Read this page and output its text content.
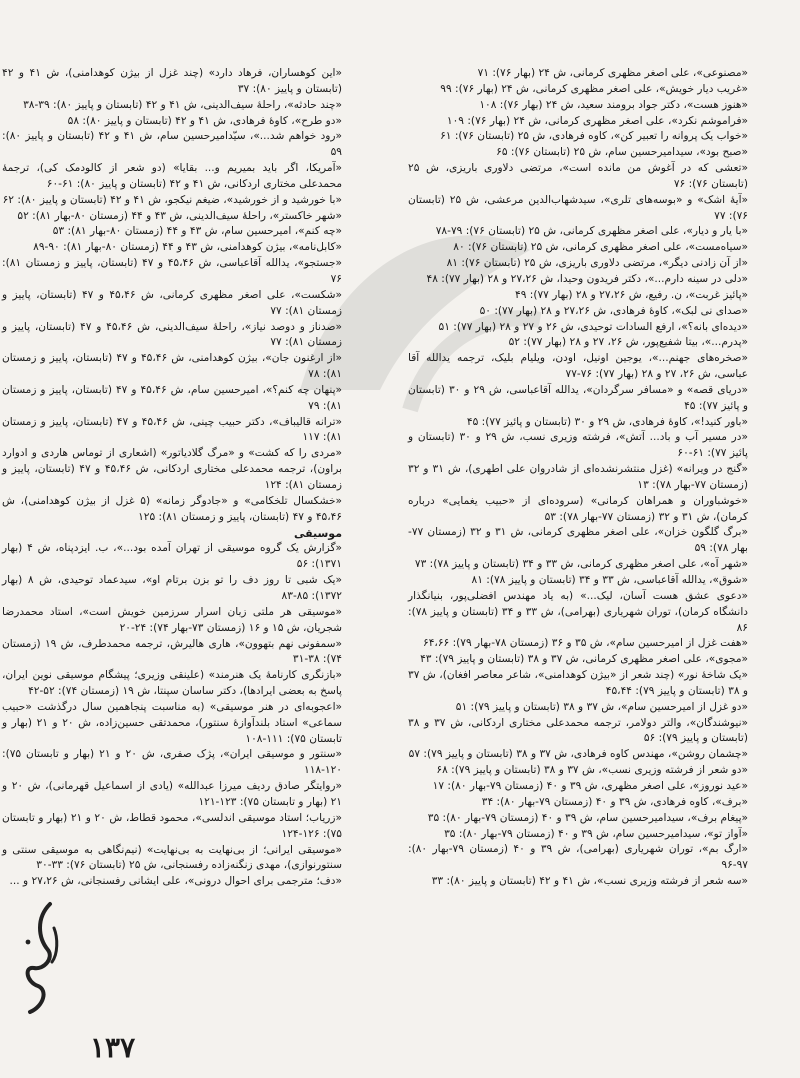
«مصنوعی»، علی اصغر مظهری کرمانی، ش ۲۴ (بهار ۷۶): ۷۱

«غریب دیار خویش»، علی اصغر مظهری کرمانی، ش ۲۴ (بهار ۷۶): ۹۹

«هنوز هست»، دکتر جواد برومند سعید، ش ۲۴ (بهار ۷۶): ۱۰۸

«فراموشم نکرد»، علی اصغر مظهری کرمانی، ش ۲۴ (بهار ۷۶): ۱۰۹

«خواب یک پروانه را تعبیر کن»، کاوه فرهادی، ش ۲۵ (تابستان ۷۶): ۶۱

«صبح بود»، سیدامیرحسین سام، ش ۲۵ (تابستان ۷۶): ۶۵

«تعشی که در آغوش من مانده است»، مرتضی دلاوری باریزی، ش ۲۵ (تابستان ۷۶): ۷۶

«آیهٔ اشک» و «بوسه‌های تلری»، سیدشهاب‌الدین مرعشی، ش ۲۵ (تابستان ۷۶): ۷۷

«با یار و دیار»، علی اصغر مظهری کرمانی، ش ۲۵ (تابستان ۷۶): ۷۹-۷۸

«سیاه‌مست»، علی اصغر مظهری کرمانی، ش ۲۵ (تابستان ۷۶): ۸۰

«از آن زادنی دیگر»، مرتضی دلاوری باریزی، ش ۲۵ (تابستان ۷۶): ۸۱

«دلی در سینه دارم...»، دکتر فریدون وحیدا، ش ۲۷،۲۶ و ۲۸ (بهار ۷۷): ۴۸

«پائیز غربت»، ن. رفیع، ش ۲۷،۲۶ و ۲۸ (بهار ۷۷): ۴۹

«صدای نی لبک»، کاوهٔ فرهادی، ش ۲۷،۲۶ و ۲۸ (بهار ۷۷): ۵۰

«دیده‌ای بانه؟»، ارفع السادات توحیدی، ش ۲۶ و ۲۷ و ۲۸ (بهار ۷۷): ۵۱

«پدرم...»، بیتا شفیع‌پور، ش ۲۶، ۲۷ و ۲۸ (بهار ۷۷): ۵۲

«صخره‌های جهنم...»، یوجین اونیل، اودن، ویلیام بلیک، ترجمه یدالله آقا عباسی، ش ۲۶، ۲۷ و ۲۸ (بهار ۷۷): ۷۶-۷۷

«دریای قصه» و «مسافر سرگردان»، یدالله آقاعباسی، ش ۲۹ و ۳۰ (تابستان و پائیز ۷۷): ۴۵

«باور کنید!»، کاوهٔ فرهادی، ش ۲۹ و ۳۰ (تابستان و پائیز ۷۷): ۴۵

«در مسیر آب و باد... آتش»، فرشته وزیری نسب، ش ۲۹ و ۳۰ (تابستان و پائیز ۷۷): ۶۱-۶۰

«گنج در ویرانه» (غزل منتشرنشده‌ای از شادروان علی اطهری)، ش ۳۱ و ۳۲ (زمستان ۷۷-بهار ۷۸): ۱۳

«خوشباوران و همراهان کرمانی» (سروده‌ای از «حبیب یغمایی» درباره کرمان)، ش ۳۱ و ۳۲ (زمستان ۷۷-بهار ۷۸): ۵۳

«برگ گلگون خزان»، علی اصغر مظهری کرمانی، ش ۳۱ و ۳۲ (زمستان ۷۷-بهار ۷۸): ۵۹

«شهر آه»، علی اصغر مظهری کرمانی، ش ۳۳ و ۳۴ (تابستان و پاییز ۷۸): ۷۳

«شوق»، یدالله آقاعباسی، ش ۳۳ و ۳۴ (تابستان و پاییز ۷۸): ۸۱

«دعوی عشق هست آسان، لیک...» (به یاد مهندس افضلی‌پور، بنیانگذار دانشگاه کرمان)، توران شهریاری (بهرامی)، ش ۳۳ و ۳۴ (تابستان و پاییز ۷۸): ۸۶

«هفت غزل از امیرحسین سام»، ش ۳۵ و ۳۶ (زمستان ۷۸-بهار ۷۹): ۶۴،۶۶

«مجوی»، علی اصغر مظهری کرمانی، ش ۳۷ و ۳۸ (تابستان و پاییز ۷۹): ۴۳

«یک شاخهٔ نور» (چند شعر از «بیژن کوهدامنی»، شاعر معاصر افغان)، ش ۳۷ و ۳۸ (تابستان و پاییز ۷۹): ۴۵،۴۴

«دو غزل از امیرحسین سام»، ش ۳۷ و ۳۸ (تابستان و پاییز ۷۹): ۵۱

«نیوشندگان»، والتر دولامر، ترجمه محمدعلی مختاری اردکانی، ش ۳۷ و ۳۸ (تابستان و پاییز ۷۹): ۵۶

«چشمان روشن»، مهندس کاوه فرهادی، ش ۳۷ و ۳۸ (تابستان و پاییز ۷۹): ۵۷

«دو شعر از فرشته وزیری نسب»، ش ۳۷ و ۳۸ (تابستان و پاییز ۷۹): ۶۸

«عید نوروز»، علی اصغر مظهری، ش ۳۹ و ۴۰ (زمستان ۷۹-بهار ۸۰): ۱۷

«برف»، کاوه فرهادی، ش ۳۹ و ۴۰ (زمستان ۷۹-بهار ۸۰): ۳۴

«پیغام برف»، سیدامیرحسین سام، ش ۳۹ و ۴۰ (زمستان ۷۹-بهار ۸۰): ۳۵

«آواز تو»، سیدامیرحسین سام، ش ۳۹ و ۴۰ (زمستان ۷۹-بهار ۸۰): ۳۵

«ارگ بم»، توران شهریاری (بهرامی)، ش ۳۹ و ۴۰ (زمستان ۷۹-بهار ۸۰): ۹۷-۹۶

«سه شعر از فرشته وزیری نسب»، ش ۴۱ و ۴۲ (تابستان و پاییز ۸۰): ۳۳

«این کوهساران، فرهاد دارد» (چند غزل از بیژن کوهدامنی)، ش ۴۱ و ۴۲ (تابستان و پاییز ۸۰): ۳۷

«چند حادثه»، راحلهٔ سیف‌الدینی، ش ۴۱ و ۴۲ (تابستان و پاییز ۸۰): ۳۹-۳۸

«دو طرح»، کاوهٔ فرهادی، ش ۴۱ و ۴۲ (تابستان و پاییز ۸۰): ۵۸

«رود خواهم شد...»، سیّدامیرحسین سام، ش ۴۱ و ۴۲ (تابستان و پاییز ۸۰): ۵۹

«آمریکا، اگر باید بمیریم و... بقایا» (دو شعر از کالودمک کی)، ترجمهٔ محمدعلی مختاری اردکانی، ش ۴۱ و ۴۲ (تابستان و پاییز ۸۰): ۶۱-۶۰

«با خورشید و از خورشید»، ضیغم نیکجو، ش ۴۱ و ۴۲ (تابستان و پاییز ۸۰): ۶۲

«شهر خاکستر»، راحلهٔ سیف‌الدینی، ش ۴۳ و ۴۴ (زمستان ۸۰-بهار ۸۱): ۵۲

«چه کنم»، امیرحسین سام، ش ۴۳ و ۴۴ (زمستان ۸۰-بهار ۸۱): ۵۳

«کابل‌نامه»، بیژن کوهدامنی، ش ۴۳ و ۴۴ (زمستان ۸۰-بهار ۸۱): ۹۰-۸۹

«جستجو»، یدالله آقاعباسی، ش ۴۵،۴۶ و ۴۷ (تابستان، پاییز و زمستان ۸۱): ۷۶

«شکست»، علی اصغر مظهری کرمانی، ش ۴۵،۴۶ و ۴۷ (تابستان، پاییز و زمستان ۸۱): ۷۷

«صدناز و دوصد نیاز»، راحلهٔ سیف‌الدینی، ش ۴۵،۴۶ و ۴۷ (تابستان، پاییز و زمستان ۸۱): ۷۷

«از ارغنون جان»، بیژن کوهدامنی، ش ۴۵،۴۶ و ۴۷ (تابستان، پاییز و زمستان ۸۱): ۷۸

«پنهان چه کنم؟»، امیرحسین سام، ش ۴۵،۴۶ و ۴۷ (تابستان، پاییز و زمستان ۸۱): ۷۹

«ترانه قالیباف»، دکتر حبیب چینی، ش ۴۵،۴۶ و ۴۷ (تابستان، پاییز و زمستان ۸۱): ۱۱۷

«مردی را که کشت» و «مرگ گلادیاتور» (اشعاری از توماس هاردی و ادوارد براون)، ترجمه محمدعلی مختاری اردکانی، ش ۴۵،۴۶ و ۴۷ (تابستان، پاییز و زمستان ۸۱): ۱۲۴

«خشکسال تلخکامی» و «جادوگر زمانه» (۵ غزل از بیژن کوهدامنی)، ش ۴۵،۴۶ و ۴۷ (تابستان، پاییز و زمستان ۸۱): ۱۲۵

موسیقی

«گزارش یک گروه موسیقی از تهران آمده بود...»، ب. ایزدپناه، ش ۴ (بهار ۱۳۷۱): ۵۶

«یک شبی تا روز دف را تو بزن برتام او»، سیدعماد توحیدی، ش ۸ (بهار ۱۳۷۲): ۸۵-۸۳

«موسیقی هر ملتی زبان اسرار سرزمین خویش است»، استاد محمدرضا شجریان، ش ۱۵ و ۱۶ (زمستان ۷۳-بهار ۷۴): ۲۴-۲۰

«سمفونی نهم بتهوون»، هاری هالیرش، ترجمه محمدطرف، ش ۱۹ (زمستان ۷۴): ۳۸-۳۱

«بازنگری کارنامهٔ یک هنرمند» (علینقی وزیری؛ پیشگام موسیقی نوین ایران، پاسخ به بعضی ایرادها)، دکتر ساسان سپنتا، ش ۱۹ (زمستان ۷۴): ۵۲-۴۲

«اعجوبه‌ای در هنر موسیقی» (به مناسبت پنجاهمین سال درگذشت «حبیب سماعی» استاد بلندآوازهٔ سنتور)، محمدتقی حسین‌زاده، ش ۲۰ و ۲۱ (بهار و تابستان ۷۵): ۱۱۱-۱۰۸

«سنتور و موسیقی ایران»، پژک صفری، ش ۲۰ و ۲۱ (بهار و تابستان ۷۵): ۱۲۰-۱۱۸

«روایتگر صادق ردیف میرزا عبدالله» (یادی از اسماعیل قهرمانی)، ش ۲۰ و ۲۱ (بهار و تابستان ۷۵): ۱۲۳-۱۲۱

«زریاب؛ استاد موسیقی اندلسی»، محمود قطاط، ش ۲۰ و ۲۱ (بهار و تابستان ۷۵): ۱۲۶-۱۲۴

«موسیقی ایرانی؛ از بی‌نهایت به بی‌نهایت» (نیم‌نگاهی به موسیقی سنتی و سنتورنوازی)، مهدی زنگنه‌زاده رفسنجانی، ش ۲۵ (تابستان ۷۶): ۳۳-۳۰

«دف؛ مترجمی برای احوال درونی»، علی ایشانی رفسنجانی، ش ۲۷،۲۶ و ...

۱۳۷
